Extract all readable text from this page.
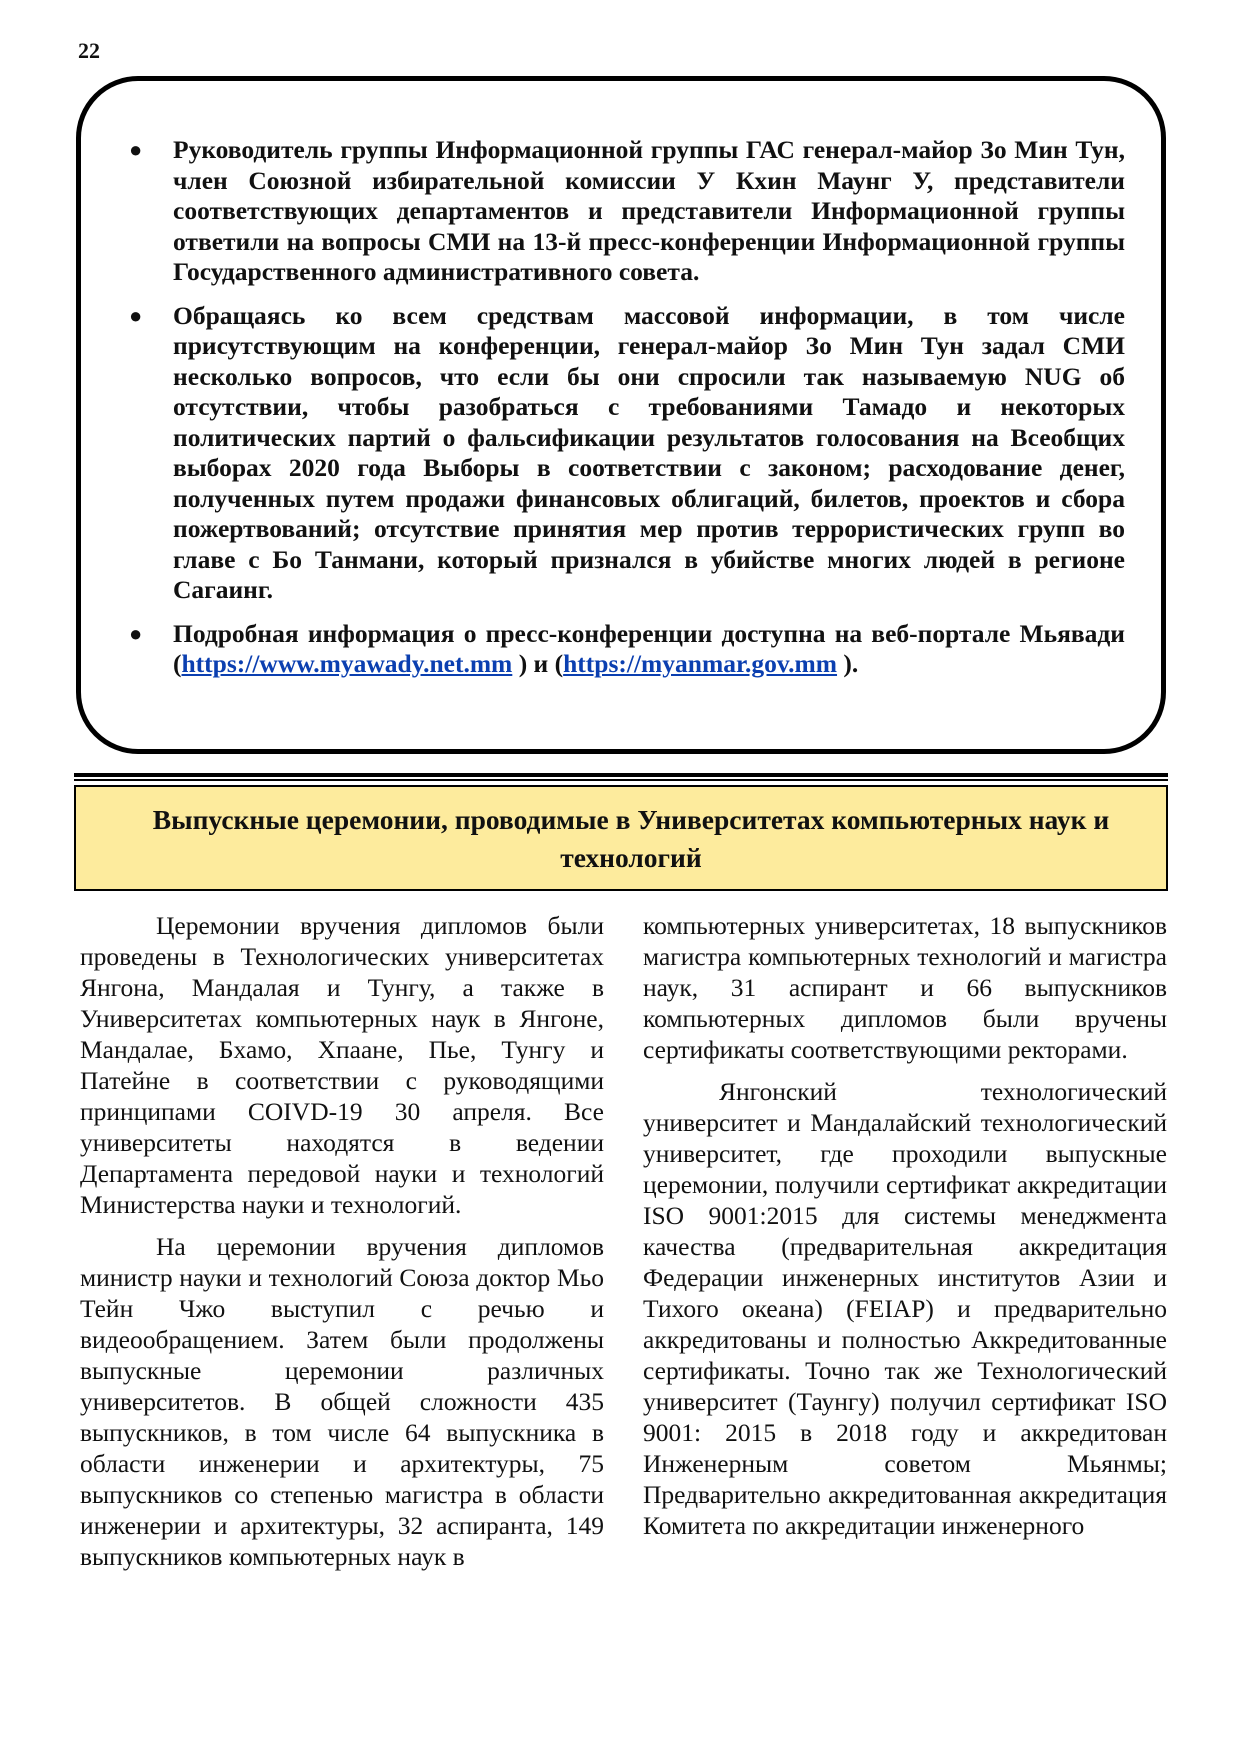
22
● Руководитель группы Информационной группы ГАС генерал-майор Зо Мин Тун, член Союзной избирательной комиссии У Кхин Маунг У, представители соответствующих департаментов и представители Информационной группы ответили на вопросы СМИ на 13-й пресс-конференции Информационной группы Государственного административного совета.
● Обращаясь ко всем средствам массовой информации, в том числе присутствующим на конференции, генерал-майор Зо Мин Тун задал СМИ несколько вопросов, что если бы они спросили так называемую NUG об отсутствии, чтобы разобраться с требованиями Тамадо и некоторых политических партий о фальсификации результатов голосования на Всеобщих выборах 2020 года Выборы в соответствии с законом; расходование денег, полученных путем продажи финансовых облигаций, билетов, проектов и сбора пожертвований; отсутствие принятия мер против террористических групп во главе с Бо Танмани, который признался в убийстве многих людей в регионе Сагаинг.
● Подробная информация о пресс-конференции доступна на веб-портале Мьявади (https://www.myawady.net.mm ) и (https://myanmar.gov.mm ).
Выпускные церемонии, проводимые в Университетах компьютерных наук и технологий

Церемонии вручения дипломов были проведены в Технологических университетах Янгона, Мандалая и Тунгу, а также в Университетах компьютерных наук в Янгоне, Мандалае, Бхамо, Хпаане, Пье, Тунгу и Патейне в соответствии с руководящими принципами COIVD-19 30 апреля. Все университеты находятся в ведении Департамента передовой науки и технологий Министерства науки и технологий.

На церемонии вручения дипломов министр науки и технологий Союза доктор Мьо Тейн Чжо выступил с речью и видеообращением. Затем были продолжены выпускные церемонии различных университетов. В общей сложности 435 выпускников, в том числе 64 выпускника в области инженерии и архитектуры, 75 выпускников со степенью магистра в области инженерии и архитектуры, 32 аспиранта, 149 выпускников компьютерных наук в

компьютерных университетах, 18 выпускников магистра компьютерных технологий и магистра наук, 31 аспирант и 66 выпускников компьютерных дипломов были вручены сертификаты соответствующими ректорами.

Янгонский технологический университет и Мандалайский технологический университет, где проходили выпускные церемонии, получили сертификат аккредитации ISO 9001:2015 для системы менеджмента качества (предварительная аккредитация Федерации инженерных институтов Азии и Тихого океана) (FEIAP) и предварительно аккредитованы и полностью Аккредитованные сертификаты. Точно так же Технологический университет (Таунгу) получил сертификат ISO 9001: 2015 в 2018 году и аккредитован Инженерным советом Мьянмы; Предварительно аккредитованная аккредитация Комитета по аккредитации инженерного
